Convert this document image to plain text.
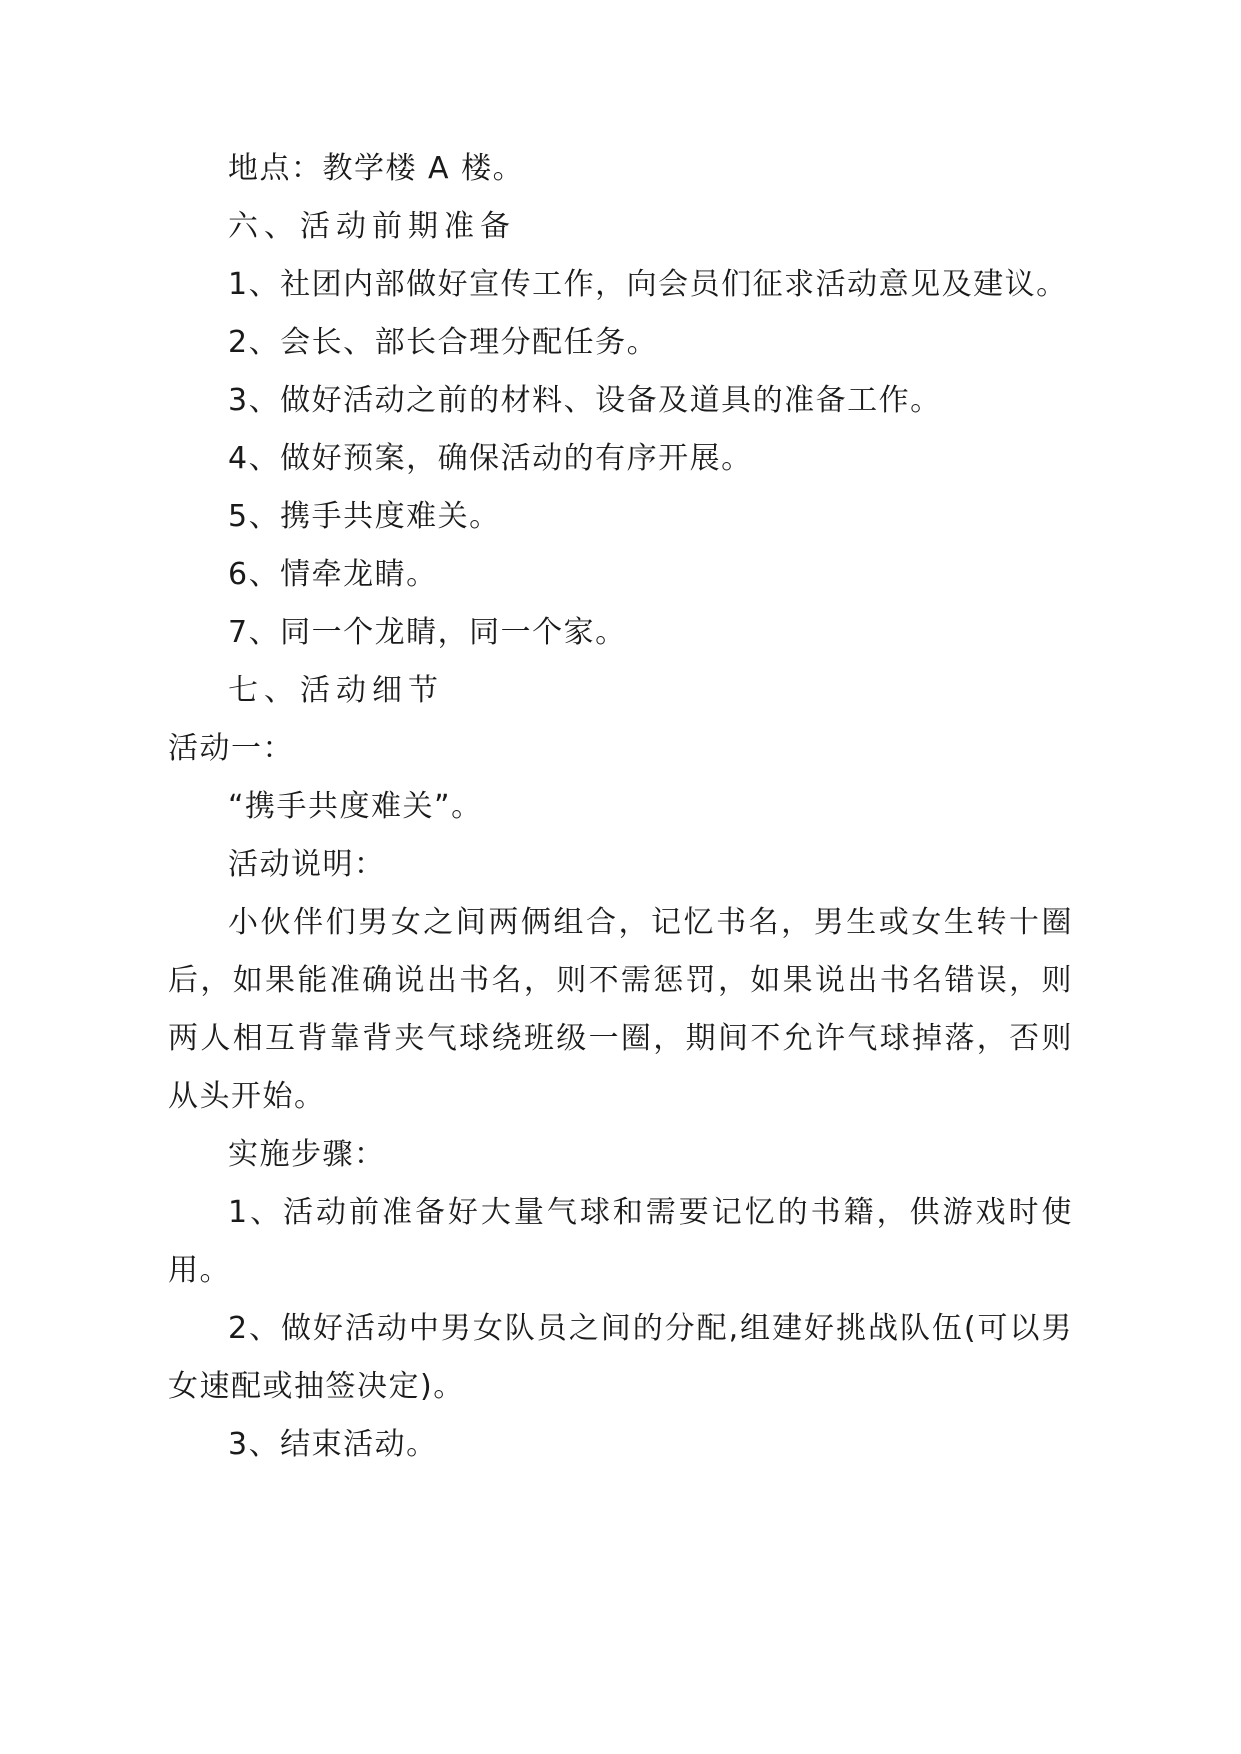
地点：教学楼 A 楼。

六、活动前期准备

1、社团内部做好宣传工作，向会员们征求活动意见及建议。

2、会长、部长合理分配任务。

3、做好活动之前的材料、设备及道具的准备工作。

4、做好预案，确保活动的有序开展。

5、携手共度难关。

6、情牵龙睛。

7、同一个龙睛，同一个家。

七、活动细节

活动一：

“携手共度难关”。

活动说明：

小伙伴们男女之间两俩组合，记忆书名，男生或女生转十圈后，如果能准确说出书名，则不需惩罚，如果说出书名错误，则两人相互背靠背夹气球绕班级一圈，期间不允许气球掉落，否则从头开始。

实施步骤：

1、活动前准备好大量气球和需要记忆的书籍，供游戏时使用。

2、做好活动中男女队员之间的分配,组建好挑战队伍(可以男女速配或抽签决定)。

3、结束活动。
